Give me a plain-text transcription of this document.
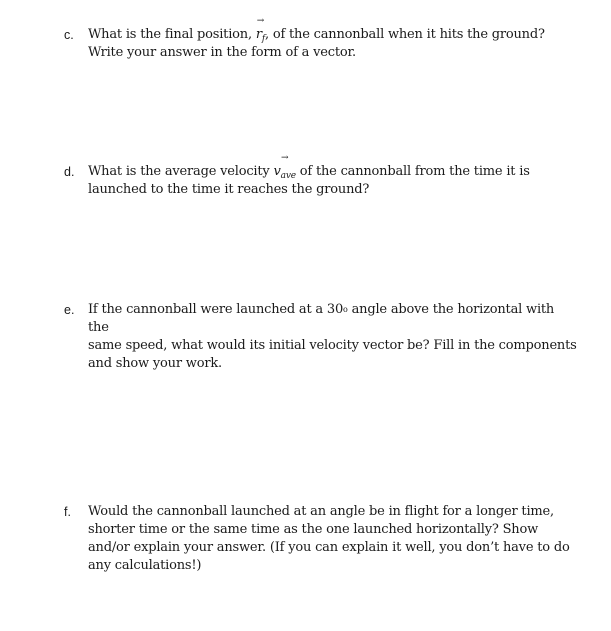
c. What is the final position,
→
$r_f$, of the cannonball when it hits the ground?

Write your answer in the form of a vector.

d. What is the average velocity
→
$v_{ave}$ of the cannonball from the time it is

launched to the time it reaches the ground?

e. If the cannonball were launched at a 30o angle above the horizontal with the

same speed, what would its initial velocity vector be? Fill in the components

and show your work.

f. Would the cannonball launched at an angle be in flight for a longer time,

shorter time or the same time as the one launched horizontally? Show

and/or explain your answer. (If you can explain it well, you don’t have to do

any calculations!)
